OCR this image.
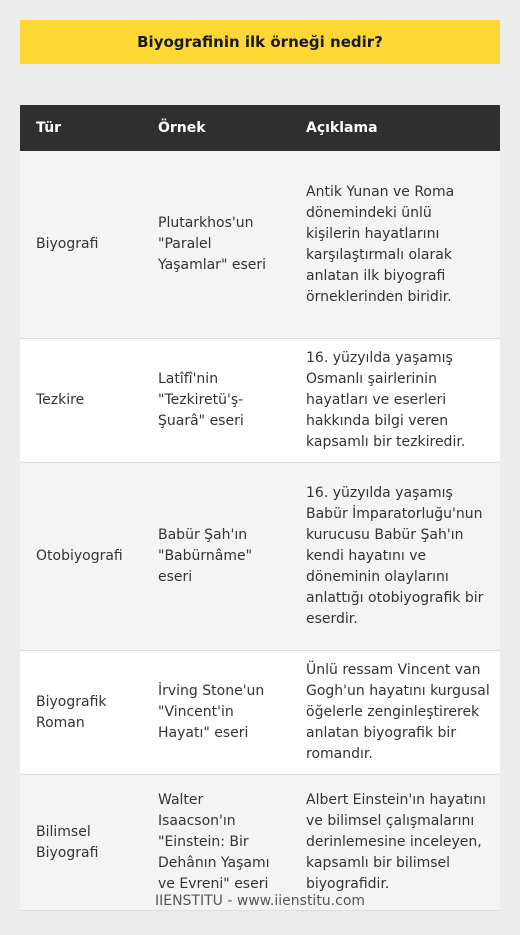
Biyografinin ilk örneği nedir?
Tür	Örnek	Açıklama
Biyografi
Plutarkhos'un "Paralel Yaşamlar" eseri
Antik Yunan ve Roma dönemindeki ünlü kişilerin hayatlarını karşılaştırmalı olarak anlatan ilk biyografi örneklerinden biridir.
Tezkire
Latîfî'nin "Tezkiretü'ş-Şuarâ" eseri
16. yüzyılda yaşamış Osmanlı şairlerinin hayatları ve eserleri hakkında bilgi veren kapsamlı bir tezkiredir.
Otobiyografi
Babür Şah'ın "Babürnâme" eseri
16. yüzyılda yaşamış Babür İmparatorluğu'nun kurucusu Babür Şah'ın kendi hayatını ve döneminin olaylarını anlattığı otobiyografik bir eserdir.
Biyografik Roman
İrving Stone'un "Vincent'in Hayatı" eseri
Ünlü ressam Vincent van Gogh'un hayatını kurgusal öğelerle zenginleştirerek anlatan biyografik bir romandır.
Bilimsel Biyografi
Walter Isaacson'ın "Einstein: Bir Dehânın Yaşamı ve Evreni" eseri
Albert Einstein'ın hayatını ve bilimsel çalışmalarını derinlemesine inceleyen, kapsamlı bir bilimsel biyografidir.
IIENSTITU - www.iienstitu.com
